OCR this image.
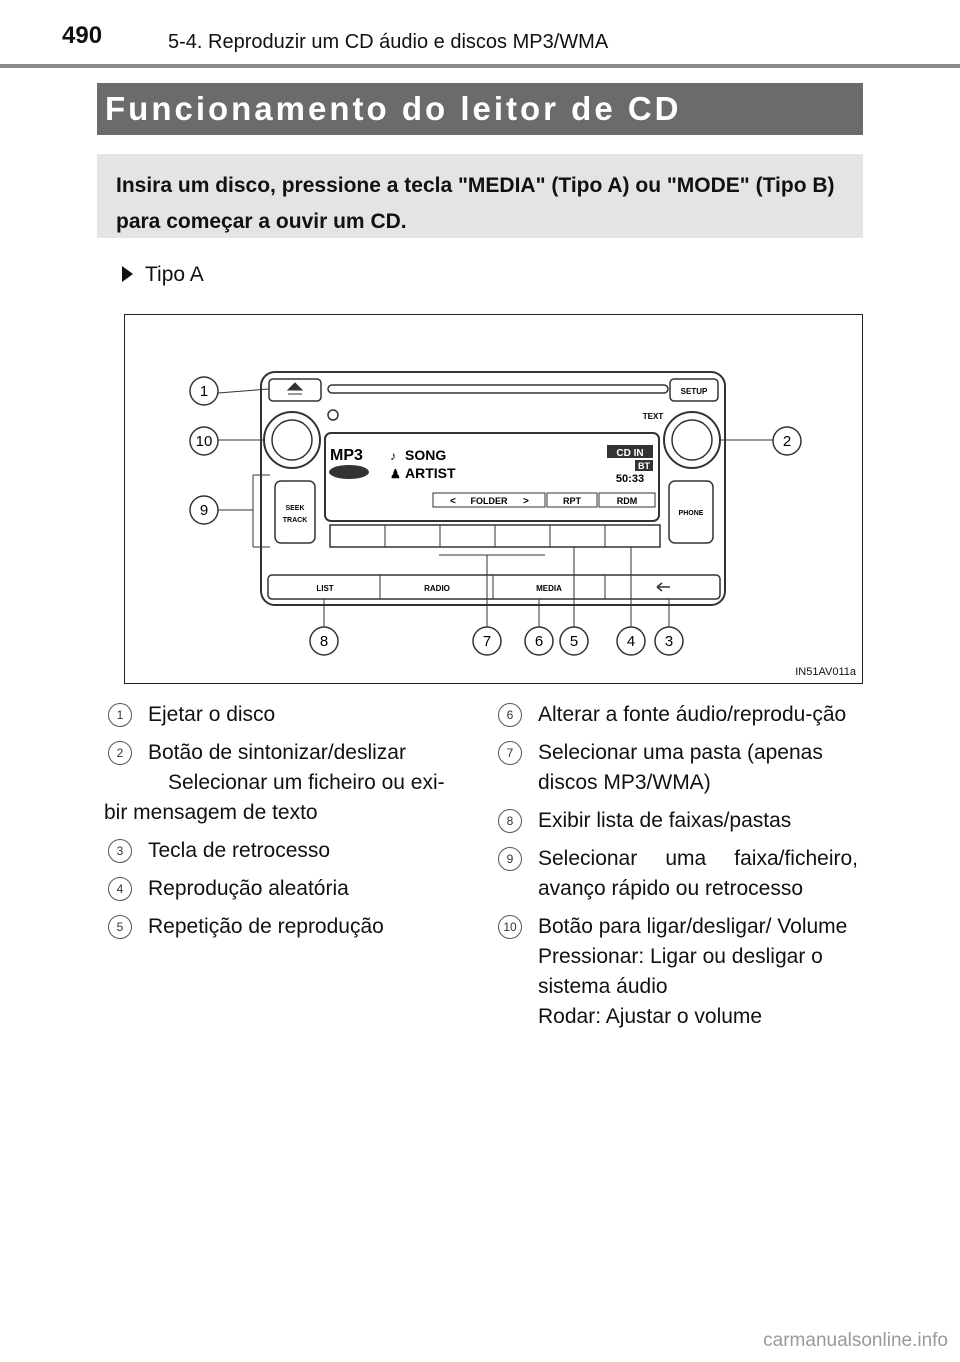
490	5-4. Reproduzir um CD áudio e discos MP3/WMA
Funcionamento do leitor de CD

Insira um disco, pressione a tecla "MEDIA" (Tipo A) ou "MODE" (Tipo B) para começar a ouvir um CD.

Tipo A
SETUP
TEXT
MP3 ♪ SONG
♟ ARTIST
CD IN
BT
50:33
FOLDER
<	>	RPT	RDM
SEEK
TRACK
PHONE
LIST	RADIO	MEDIA
1
2
3
4
5
6
7
8
9
10
IN51AV011a
1	Ejetar o disco
2	Botão de sintonizar/deslizar
Selecionar um ficheiro ou exi-
bir mensagem de texto
3	Tecla de retrocesso
4	Reprodução aleatória
5	Repetição de reprodução
6	Alterar a fonte áudio/reprodu-ção
7	Selecionar uma pasta (apenas discos MP3/WMA)
8	Exibir lista de faixas/pastas
9	Selecionar uma faixa/ficheiro, avanço rápido ou retrocesso
10 Botão para ligar/desligar/ Volume
Pressionar: Ligar ou desligar o sistema áudio
Rodar: Ajustar o volume
carmanualsonline.info
